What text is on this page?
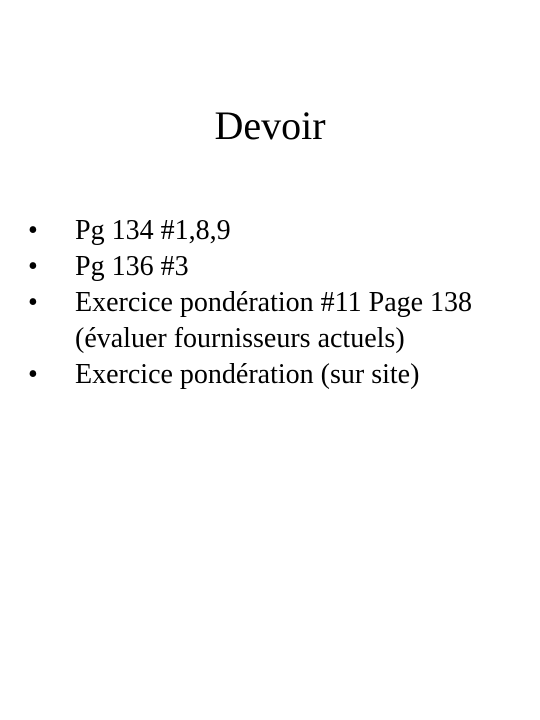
Devoir
•	Pg 134 #1,8,9
•	Pg 136 #3
•	Exercice pondération #11 Page 138 (évaluer fournisseurs actuels)
•	Exercice pondération (sur site)
